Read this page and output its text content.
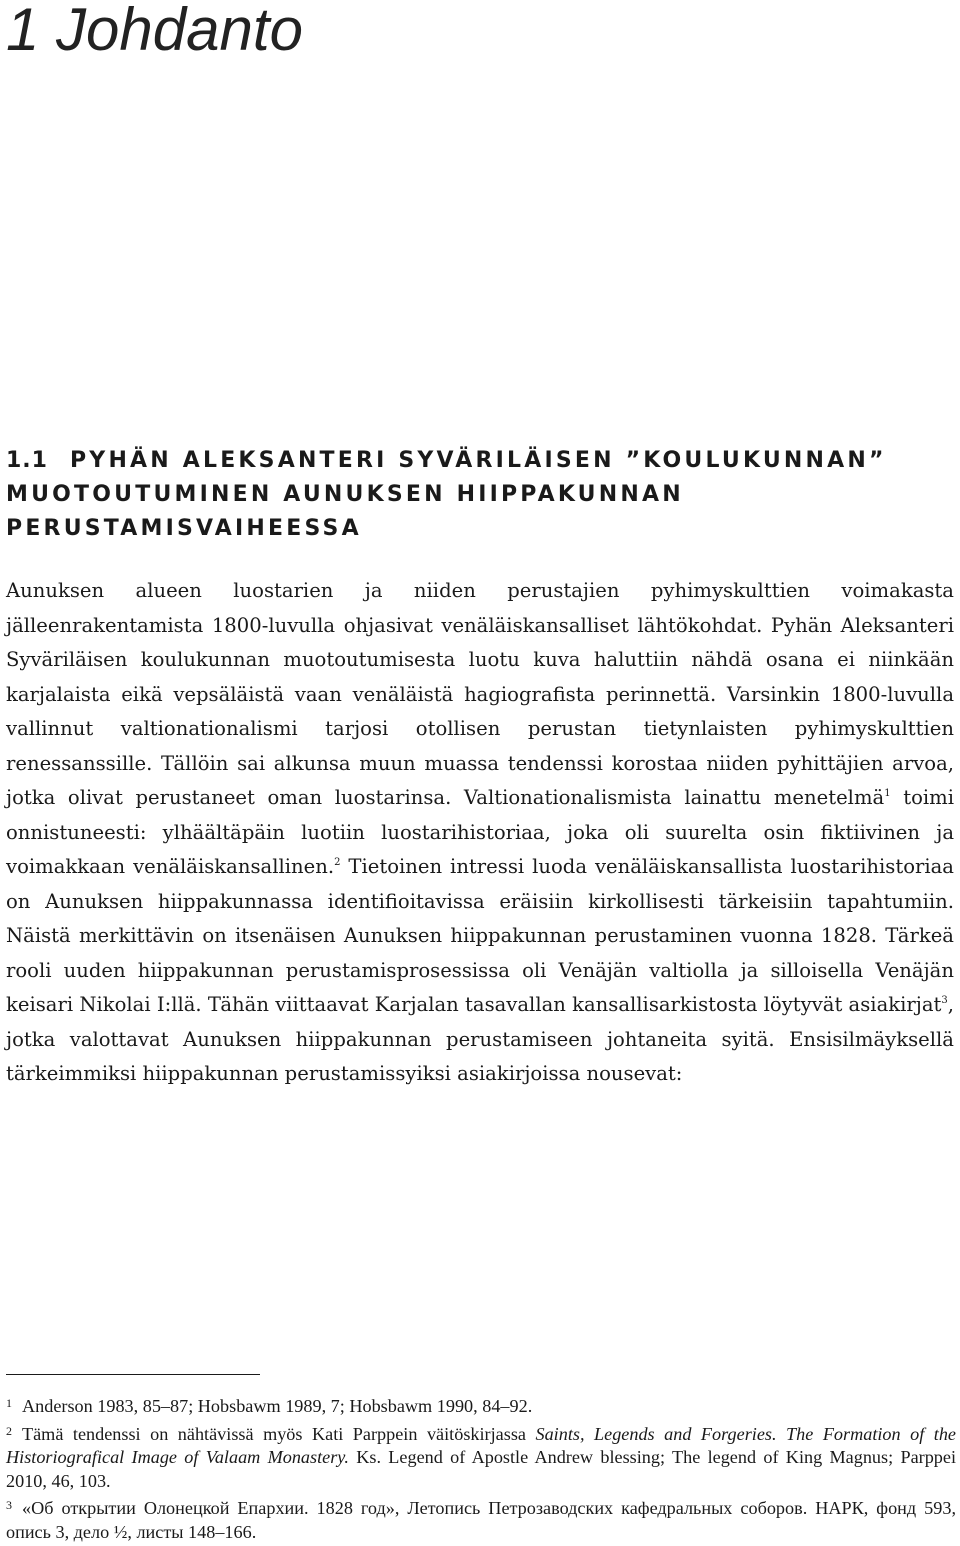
1 Johdanto
1.1 PYHÄN ALEKSANTERI SYVÄRILÄISEN ”KOULUKUNNAN” MUOTOUTUMINEN AUNUKSEN HIIPPAKUNNAN PERUSTAMISVAIHEESSA

Aunuksen alueen luostarien ja niiden perustajien pyhimyskulttien voimakasta jälleenrakentamista 1800-luvulla ohjasivat venäläiskansalliset lähtökohdat. Pyhän Aleksanteri Syväriläisen koulukunnan muotoutumisesta luotu kuva haluttiin nähdä osana ei niinkään karjalaista eikä vepsäläistä vaan venäläistä hagiografista perinnettä. Varsinkin 1800-luvulla vallinnut valtionationalismi tarjosi otollisen perustan tietynlaisten pyhimyskulttien renessanssille. Tällöin sai alkunsa muun muassa tendenssi korostaa niiden pyhittäjien arvoa, jotka olivat perustaneet oman luostarinsa. Valtionationalismista lainattu menetelmä$^1$ toimi onnistuneesti: ylhäältäpäin luotiin luostarihistoriaa, joka oli suurelta osin fiktiivinen ja voimakkaan venäläiskansallinen.$^2$ Tietoinen intressi luoda venäläiskansallista luostarihistoriaa on Aunuksen hiippakunnassa identifioitavissa eräisiin kirkollisesti tärkeisiin tapahtumiin. Näistä merkittävin on itsenäisen Aunuksen hiippakunnan perustaminen vuonna 1828. Tärkeä rooli uuden hiippakunnan perustamisprosessissa oli Venäjän valtiolla ja silloisella Venäjän keisari Nikolai I:llä. Tähän viittaavat Karjalan tasavallan kansallisarkistosta löytyvät asiakirjat$^3$, jotka valottavat Aunuksen hiippakunnan perustamiseen johtaneita syitä. Ensisilmäyksellä tärkeimmiksi hiippakunnan perustamissyiksi asiakirjoissa nousevat:

$^1$ Anderson 1983, 85–87; Hobsbawm 1989, 7; Hobsbawm 1990, 84–92.

$^2$ Tämä tendenssi on nähtävissä myös Kati Parppein väitöskirjassa Saints, Legends and Forgeries. The Formation of the Historiografical Image of Valaam Monastery. Ks. Legend of Apostle Andrew blessing; The legend of King Magnus; Parppei 2010, 46, 103.

$^3$ «Об открытии Олонецкой Епархии. 1828 год», Летопись Петрозаводских кафедральных соборов. НАРК, фонд 593, опись 3, дело ½, листы 148–166.
